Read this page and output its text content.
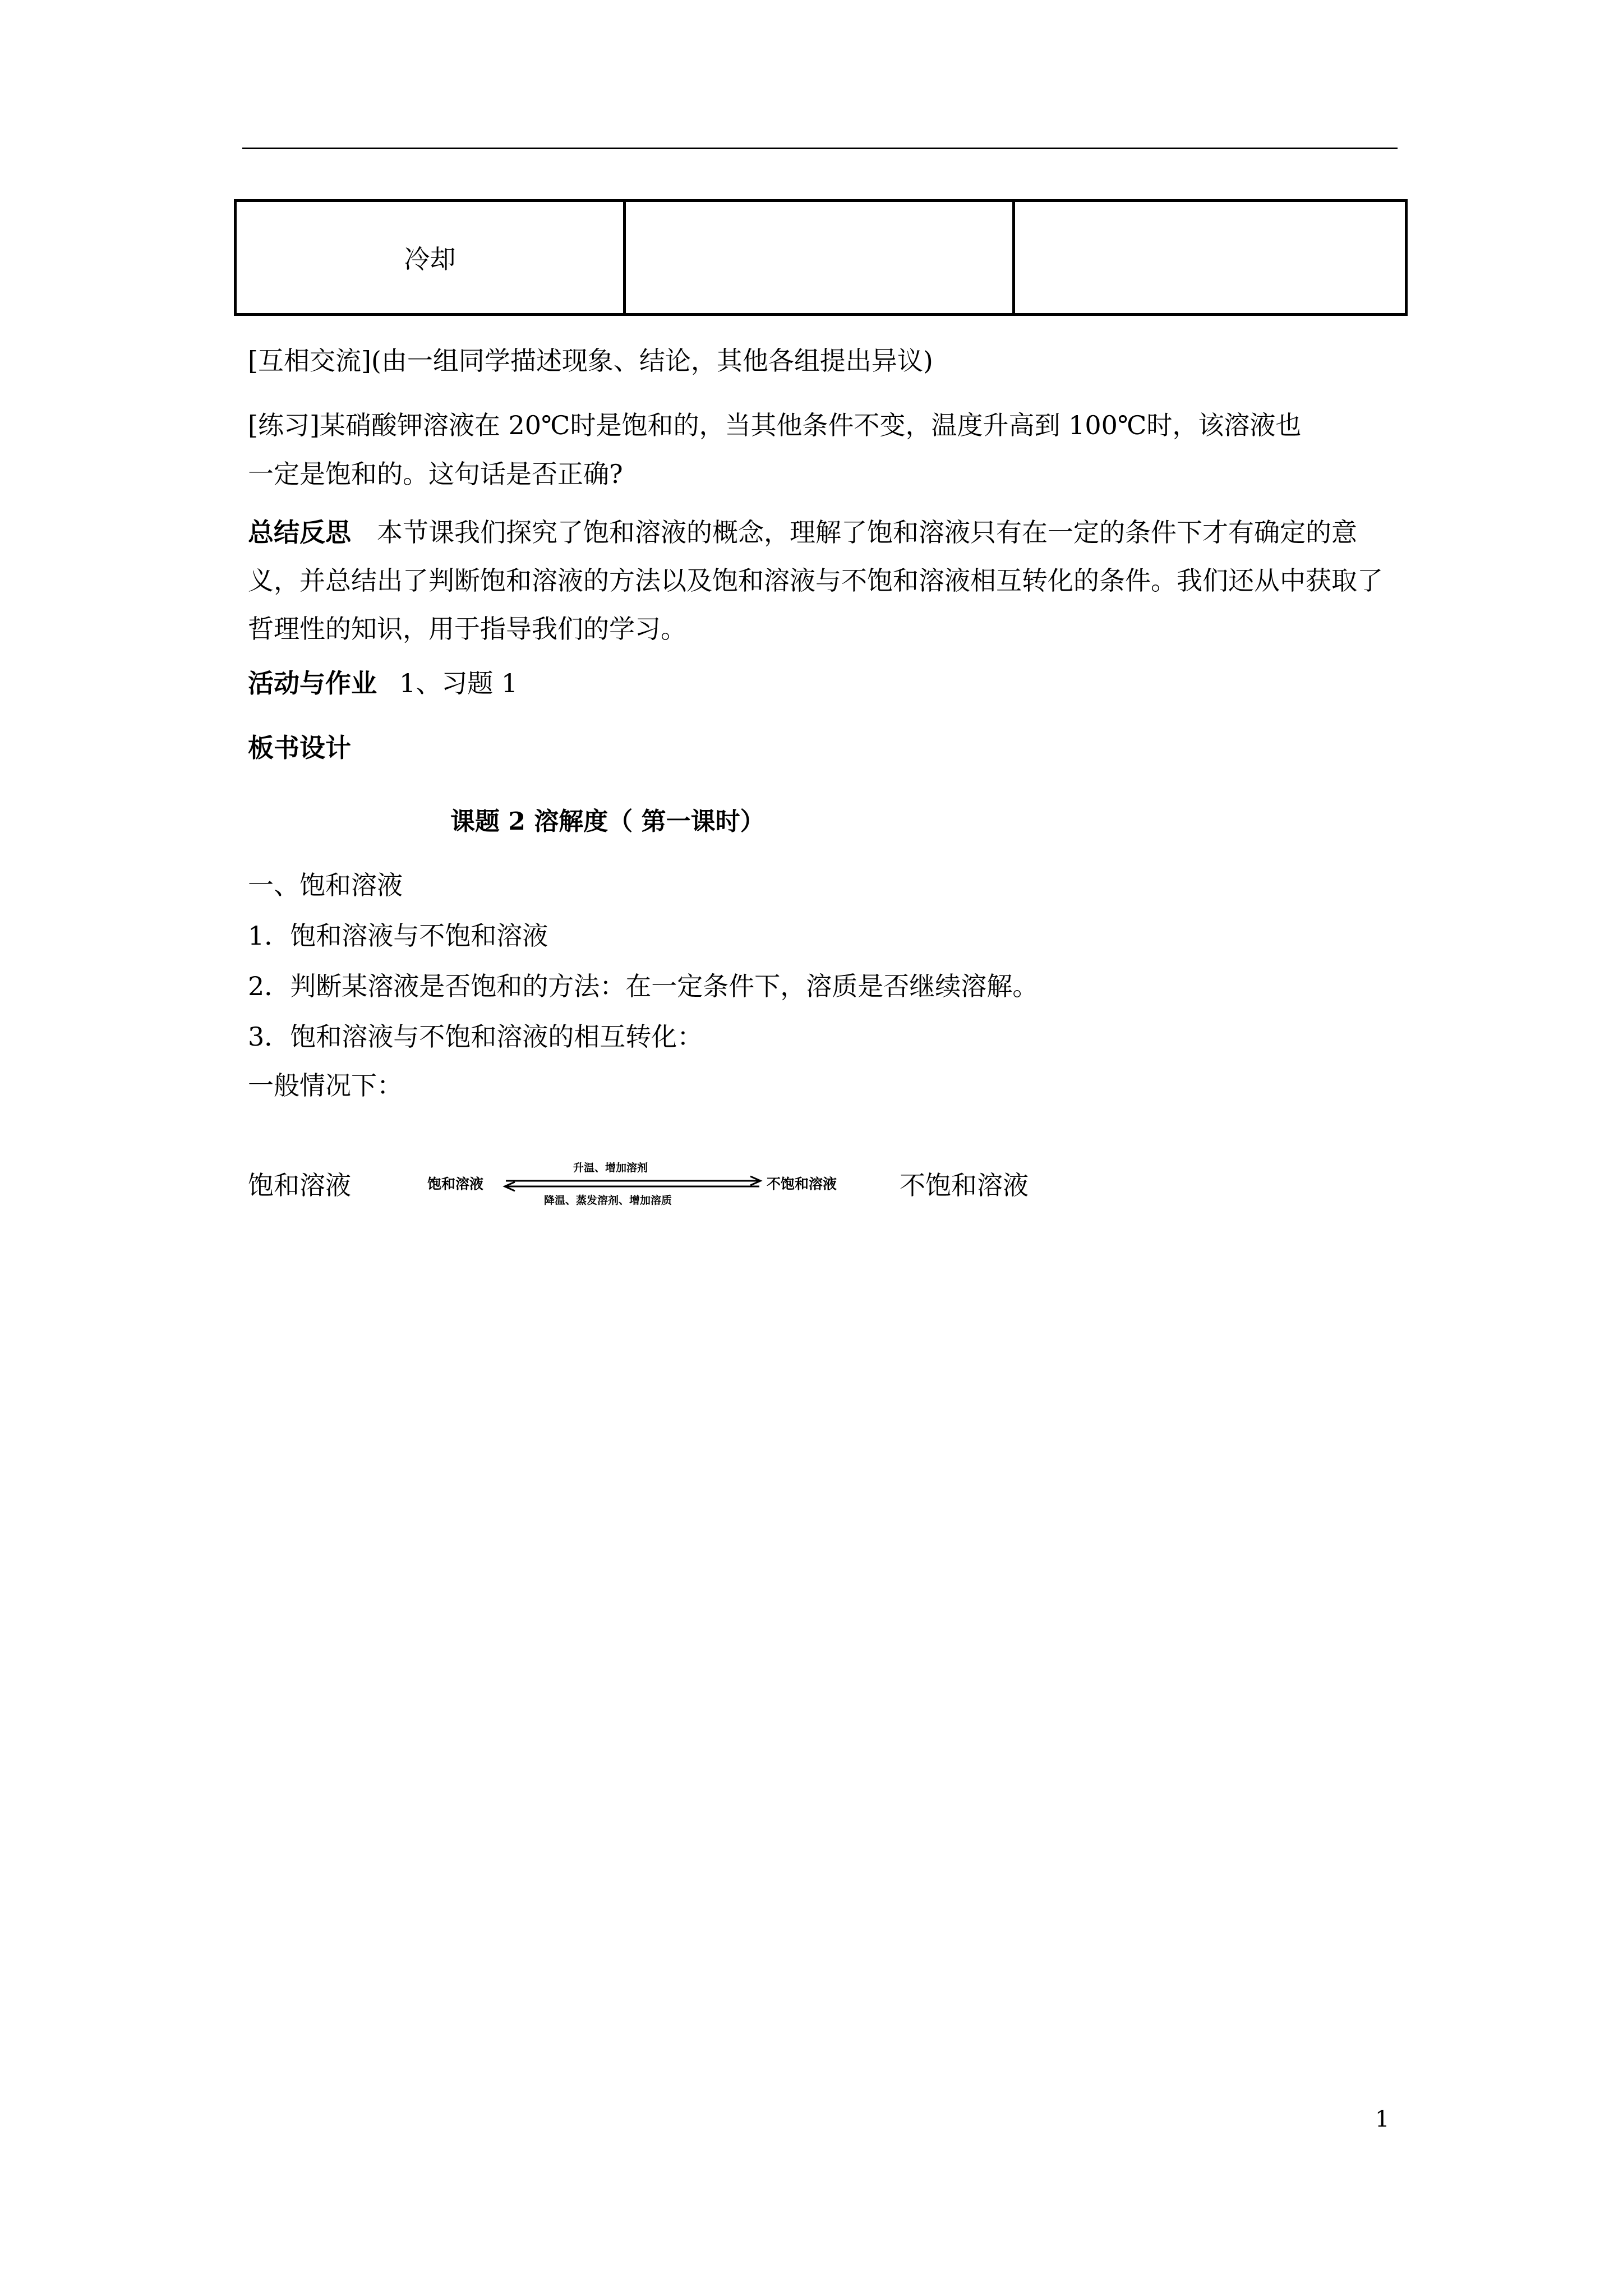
冷却		
[互相交流](由一组同学描述现象、结论，其他各组提出异议)
[练习]某硝酸钾溶液在 20℃时是饱和的，当其他条件不变，温度升高到 100℃时，该溶液也
一定是饱和的。这句话是否正确?
总结反思 本节课我们探究了饱和溶液的概念，理解了饱和溶液只有在一定的条件下才有确定的意义，并总结出了判断饱和溶液的方法以及饱和溶液与不饱和溶液相互转化的条件。我们还从中获取了哲理性的知识，用于指导我们的学习。
活动与作业 1、习题 1
板书设计
课题 2 溶解度（ 第一课时）
一、饱和溶液
1．饱和溶液与不饱和溶液
2．判断某溶液是否饱和的方法：在一定条件下，溶质是否继续溶解。
3．饱和溶液与不饱和溶液的相互转化：
一般情况下：
饱和溶液	不饱和溶液
饱和溶液
升温、增加溶剂
不饱和溶液
降温、蒸发溶剂、增加溶质
1
